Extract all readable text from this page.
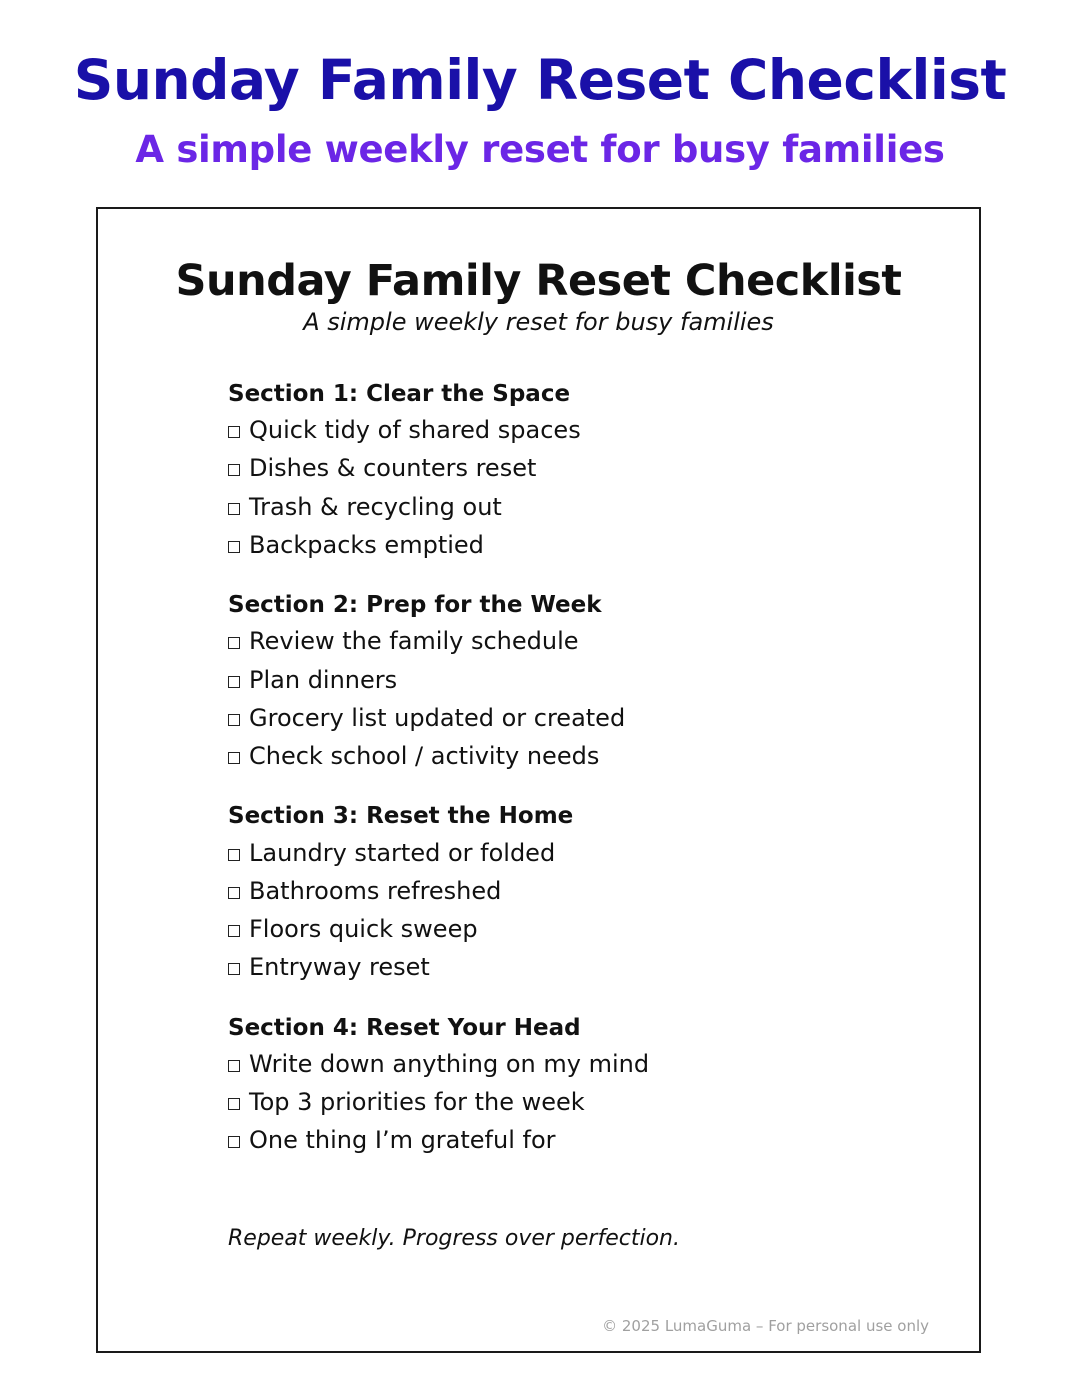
Sunday Family Reset Checklist
A simple weekly reset for busy families
Sunday Family Reset Checklist
A simple weekly reset for busy families
Section 1: Clear the Space
Quick tidy of shared spaces
Dishes & counters reset
Trash & recycling out
Backpacks emptied
Section 2: Prep for the Week
Review the family schedule
Plan dinners
Grocery list updated or created
Check school / activity needs
Section 3: Reset the Home
Laundry started or folded
Bathrooms refreshed
Floors quick sweep
Entryway reset
Section 4: Reset Your Head
Write down anything on my mind
Top 3 priorities for the week
One thing I’m grateful for
Repeat weekly. Progress over perfection.
© 2025 LumaGuma – For personal use only
